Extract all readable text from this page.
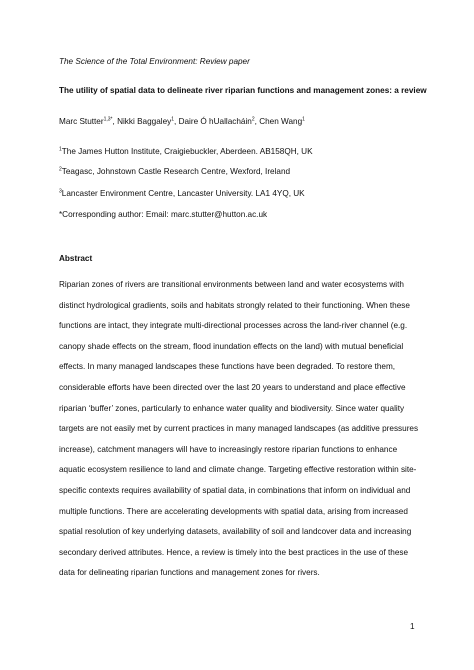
The Science of the Total Environment: Review paper
The utility of spatial data to delineate river riparian functions and management zones: a review
Marc Stutter$^{1,3*}$, Nikki Baggaley$^1$, Daire Ó hUallacháin$^2$, Chen Wang$^1$
$^1$The James Hutton Institute, Craigiebuckler, Aberdeen. AB158QH, UK
$^2$Teagasc, Johnstown Castle Research Centre, Wexford, Ireland
$^3$Lancaster Environment Centre, Lancaster University. LA1 4YQ, UK
*Corresponding author: Email: marc.stutter@hutton.ac.uk
Abstract
Riparian zones of rivers are transitional environments between land and water ecosystems with
distinct hydrological gradients, soils and habitats strongly related to their functioning. When these
functions are intact, they integrate multi-directional processes across the land-river channel (e.g.
canopy shade effects on the stream, flood inundation effects on the land) with mutual beneficial
effects. In many managed landscapes these functions have been degraded. To restore them,
considerable efforts have been directed over the last 20 years to understand and place effective
riparian ‘buffer’ zones, particularly to enhance water quality and biodiversity. Since water quality
targets are not easily met by current practices in many managed landscapes (as additive pressures
increase), catchment managers will have to increasingly restore riparian functions to enhance
aquatic ecosystem resilience to land and climate change. Targeting effective restoration within site-
specific contexts requires availability of spatial data, in combinations that inform on individual and
multiple functions. There are accelerating developments with spatial data, arising from increased
spatial resolution of key underlying datasets, availability of soil and landcover data and increasing
secondary derived attributes. Hence, a review is timely into the best practices in the use of these
data for delineating riparian functions and management zones for rivers.
1
